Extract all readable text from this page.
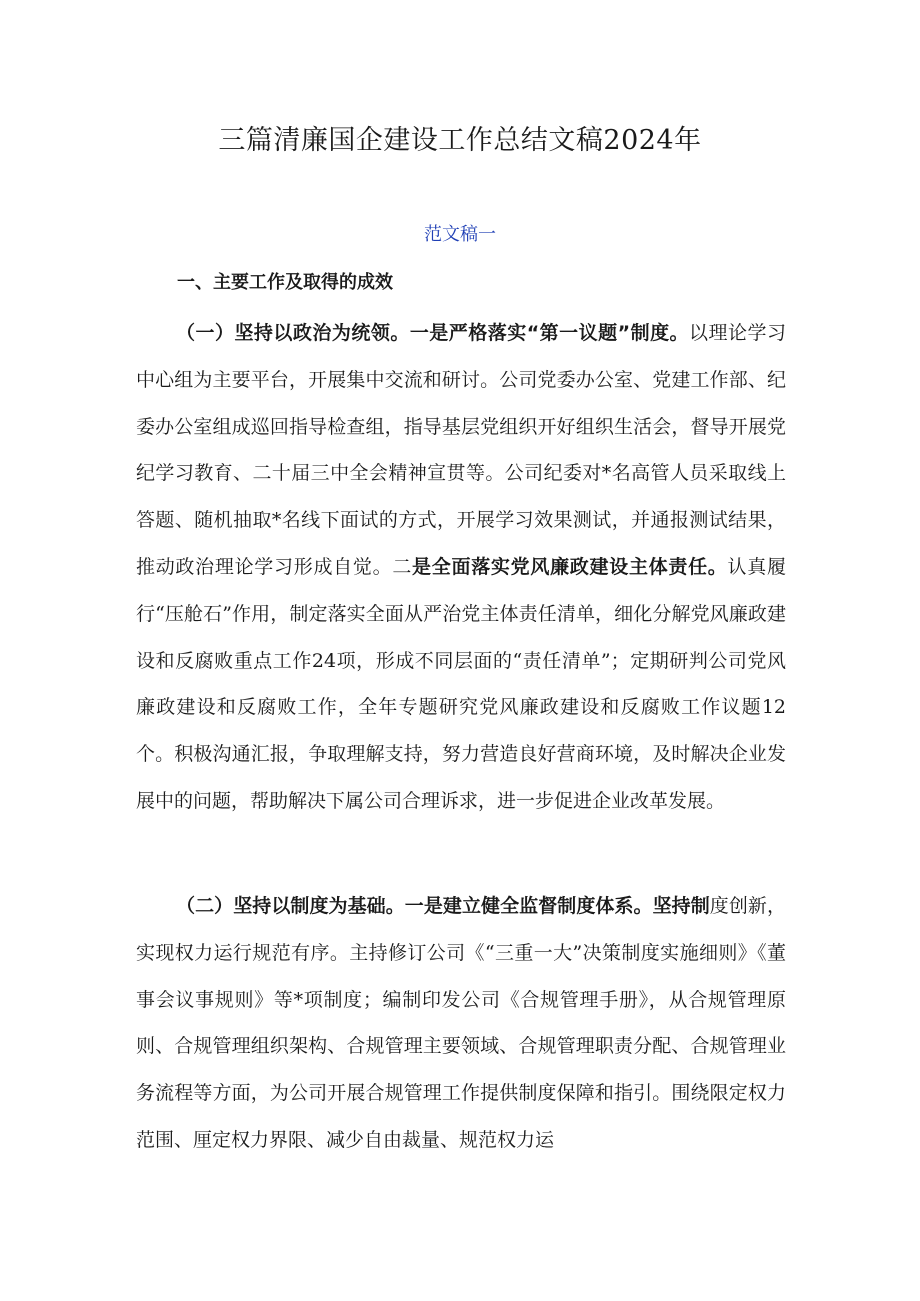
三篇清廉国企建设工作总结文稿2024年
范文稿一
一、主要工作及取得的成效

（一）坚持以政治为统领。一是严格落实“第一议题”制度。以理论学习中心组为主要平台，开展集中交流和研讨。公司党委办公室、党建工作部、纪委办公室组成巡回指导检查组，指导基层党组织开好组织生活会，督导开展党纪学习教育、二十届三中全会精神宣贯等。公司纪委对*名高管人员采取线上答题、随机抽取*名线下面试的方式，开展学习效果测试，并通报测试结果，推动政治理论学习形成自觉。二是全面落实党风廉政建设主体责任。认真履行“压舱石”作用，制定落实全面从严治党主体责任清单，细化分解党风廉政建设和反腐败重点工作24项，形成不同层面的“责任清单”；定期研判公司党风廉政建设和反腐败工作，全年专题研究党风廉政建设和反腐败工作议题12个。积极沟通汇报，争取理解支持，努力营造良好营商环境，及时解决企业发展中的问题，帮助解决下属公司合理诉求，进一步促进企业改革发展。

（二）坚持以制度为基础。一是建立健全监督制度体系。坚持制度创新，实现权力运行规范有序。主持修订公司《“三重一大”决策制度实施细则》《董事会议事规则》等*项制度；编制印发公司《合规管理手册》，从合规管理原则、合规管理组织架构、合规管理主要领域、合规管理职责分配、合规管理业务流程等方面，为公司开展合规管理工作提供制度保障和指引。围绕限定权力范围、厘定权力界限、减少自由裁量、规范权力运
